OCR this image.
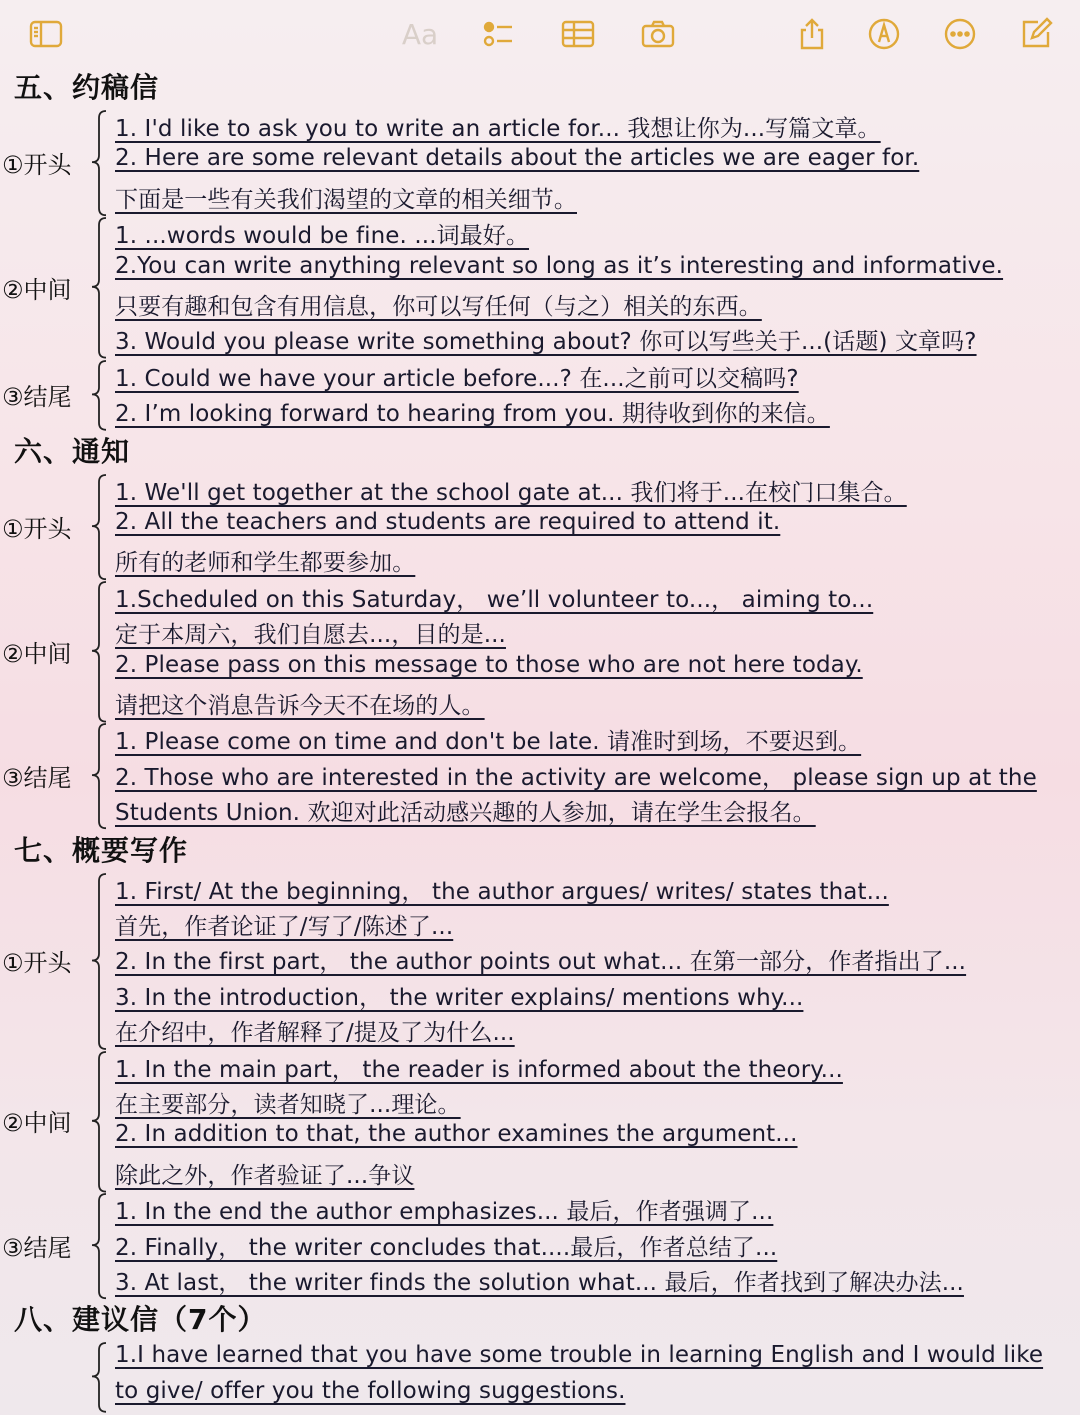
Aa
五、约稿信
①开头
1. I'd like to ask you to write an article for... 我想让你为...写篇文章。
2. Here are some relevant details about the articles we are eager for.
下面是一些有关我们渴望的文章的相关细节。
②中间
1. ...words would be fine. ...词最好。
2.You can write anything relevant so long as it’s interesting and informative.
只要有趣和包含有用信息，你可以写任何（与之）相关的东西。
3. Would you please write something about? 你可以写些关于...(话题) 文章吗?
③结尾
1. Could we have your article before...? 在...之前可以交稿吗?
2. I’m looking forward to hearing from you. 期待收到你的来信。
六、通知
①开头
1. We'll get together at the school gate at... 我们将于...在校门口集合。
2. All the teachers and students are required to attend it.
所有的老师和学生都要参加。
②中间
1.Scheduled on this Saturday， we’ll volunteer to...， aiming to...
定于本周六，我们自愿去...，目的是...
2. Please pass on this message to those who are not here today.
请把这个消息告诉今天不在场的人。
③结尾
1. Please come on time and don't be late. 请准时到场，不要迟到。
2. Those who are interested in the activity are welcome， please sign up at the
Students Union. 欢迎对此活动感兴趣的人参加，请在学生会报名。
七、概要写作
①开头
1. First/ At the beginning， the author argues/ writes/ states that...
首先，作者论证了/写了/陈述了...
2. In the first part， the author points out what... 在第一部分，作者指出了...
3. In the introduction， the writer explains/ mentions why...
在介绍中，作者解释了/提及了为什么...
②中间
1. In the main part， the reader is informed about the theory...
在主要部分，读者知晓了...理论。
2. In addition to that, the author examines the argument...
除此之外，作者验证了...争议
③结尾
1. In the end the author emphasizes... 最后，作者强调了...
2. Finally， the writer concludes that....最后，作者总结了...
3. At last， the writer finds the solution what... 最后，作者找到了解决办法...
八、建议信（7个）
1.I have learned that you have some trouble in learning English and I would like
to give/ offer you the following suggestions.
